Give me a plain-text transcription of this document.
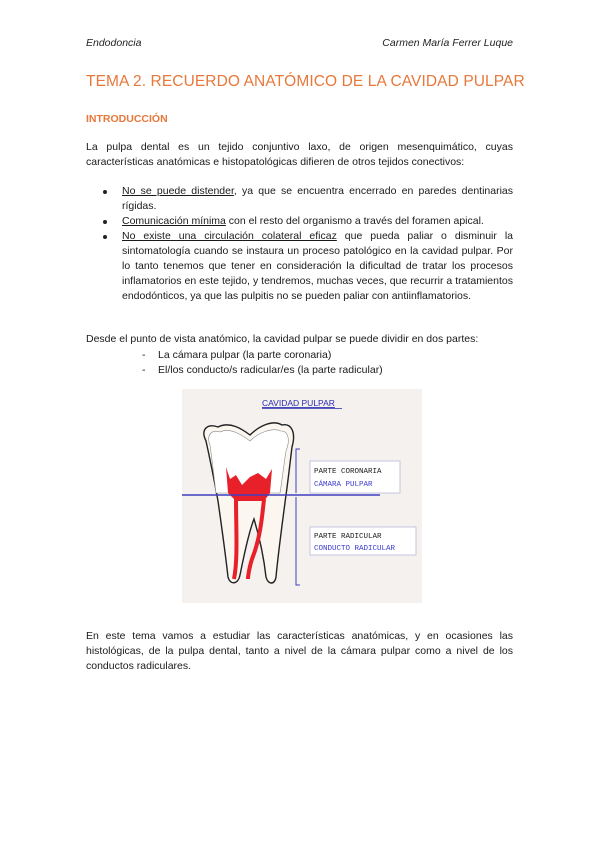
Endodoncia	Carmen María Ferrer Luque
TEMA 2. RECUERDO ANATÓMICO DE LA CAVIDAD PULPAR
INTRODUCCIÓN
La pulpa dental es un tejido conjuntivo laxo, de origen mesenquimático, cuyas características anatómicas e histopatológicas difieren de otros tejidos conectivos:
No se puede distender, ya que se encuentra encerrado en paredes dentinarias rígidas.
Comunicación mínima con el resto del organismo a través del foramen apical.
No existe una circulación colateral eficaz que pueda paliar o disminuir la sintomatología cuando se instaura un proceso patológico en la cavidad pulpar. Por lo tanto tenemos que tener en consideración la dificultad de tratar los procesos inflamatorios en este tejido, y tendremos, muchas veces, que recurrir a tratamientos endodónticos, ya que las pulpitis no se pueden paliar con antiinflamatorios.
Desde el punto de vista anatómico, la cavidad pulpar se puede dividir en dos partes:
- La cámara pulpar (la parte coronaria)
- El/los conducto/s radicular/es (la parte radicular)
CAVIDAD PULPAR
PARTE CORONARIA
CÁMARA PULPAR
PARTE RADICULAR
CONDUCTO RADICULAR
En este tema vamos a estudiar las características anatómicas, y en ocasiones las histológicas, de la pulpa dental, tanto a nivel de la cámara pulpar como a nivel de los conductos radiculares.
